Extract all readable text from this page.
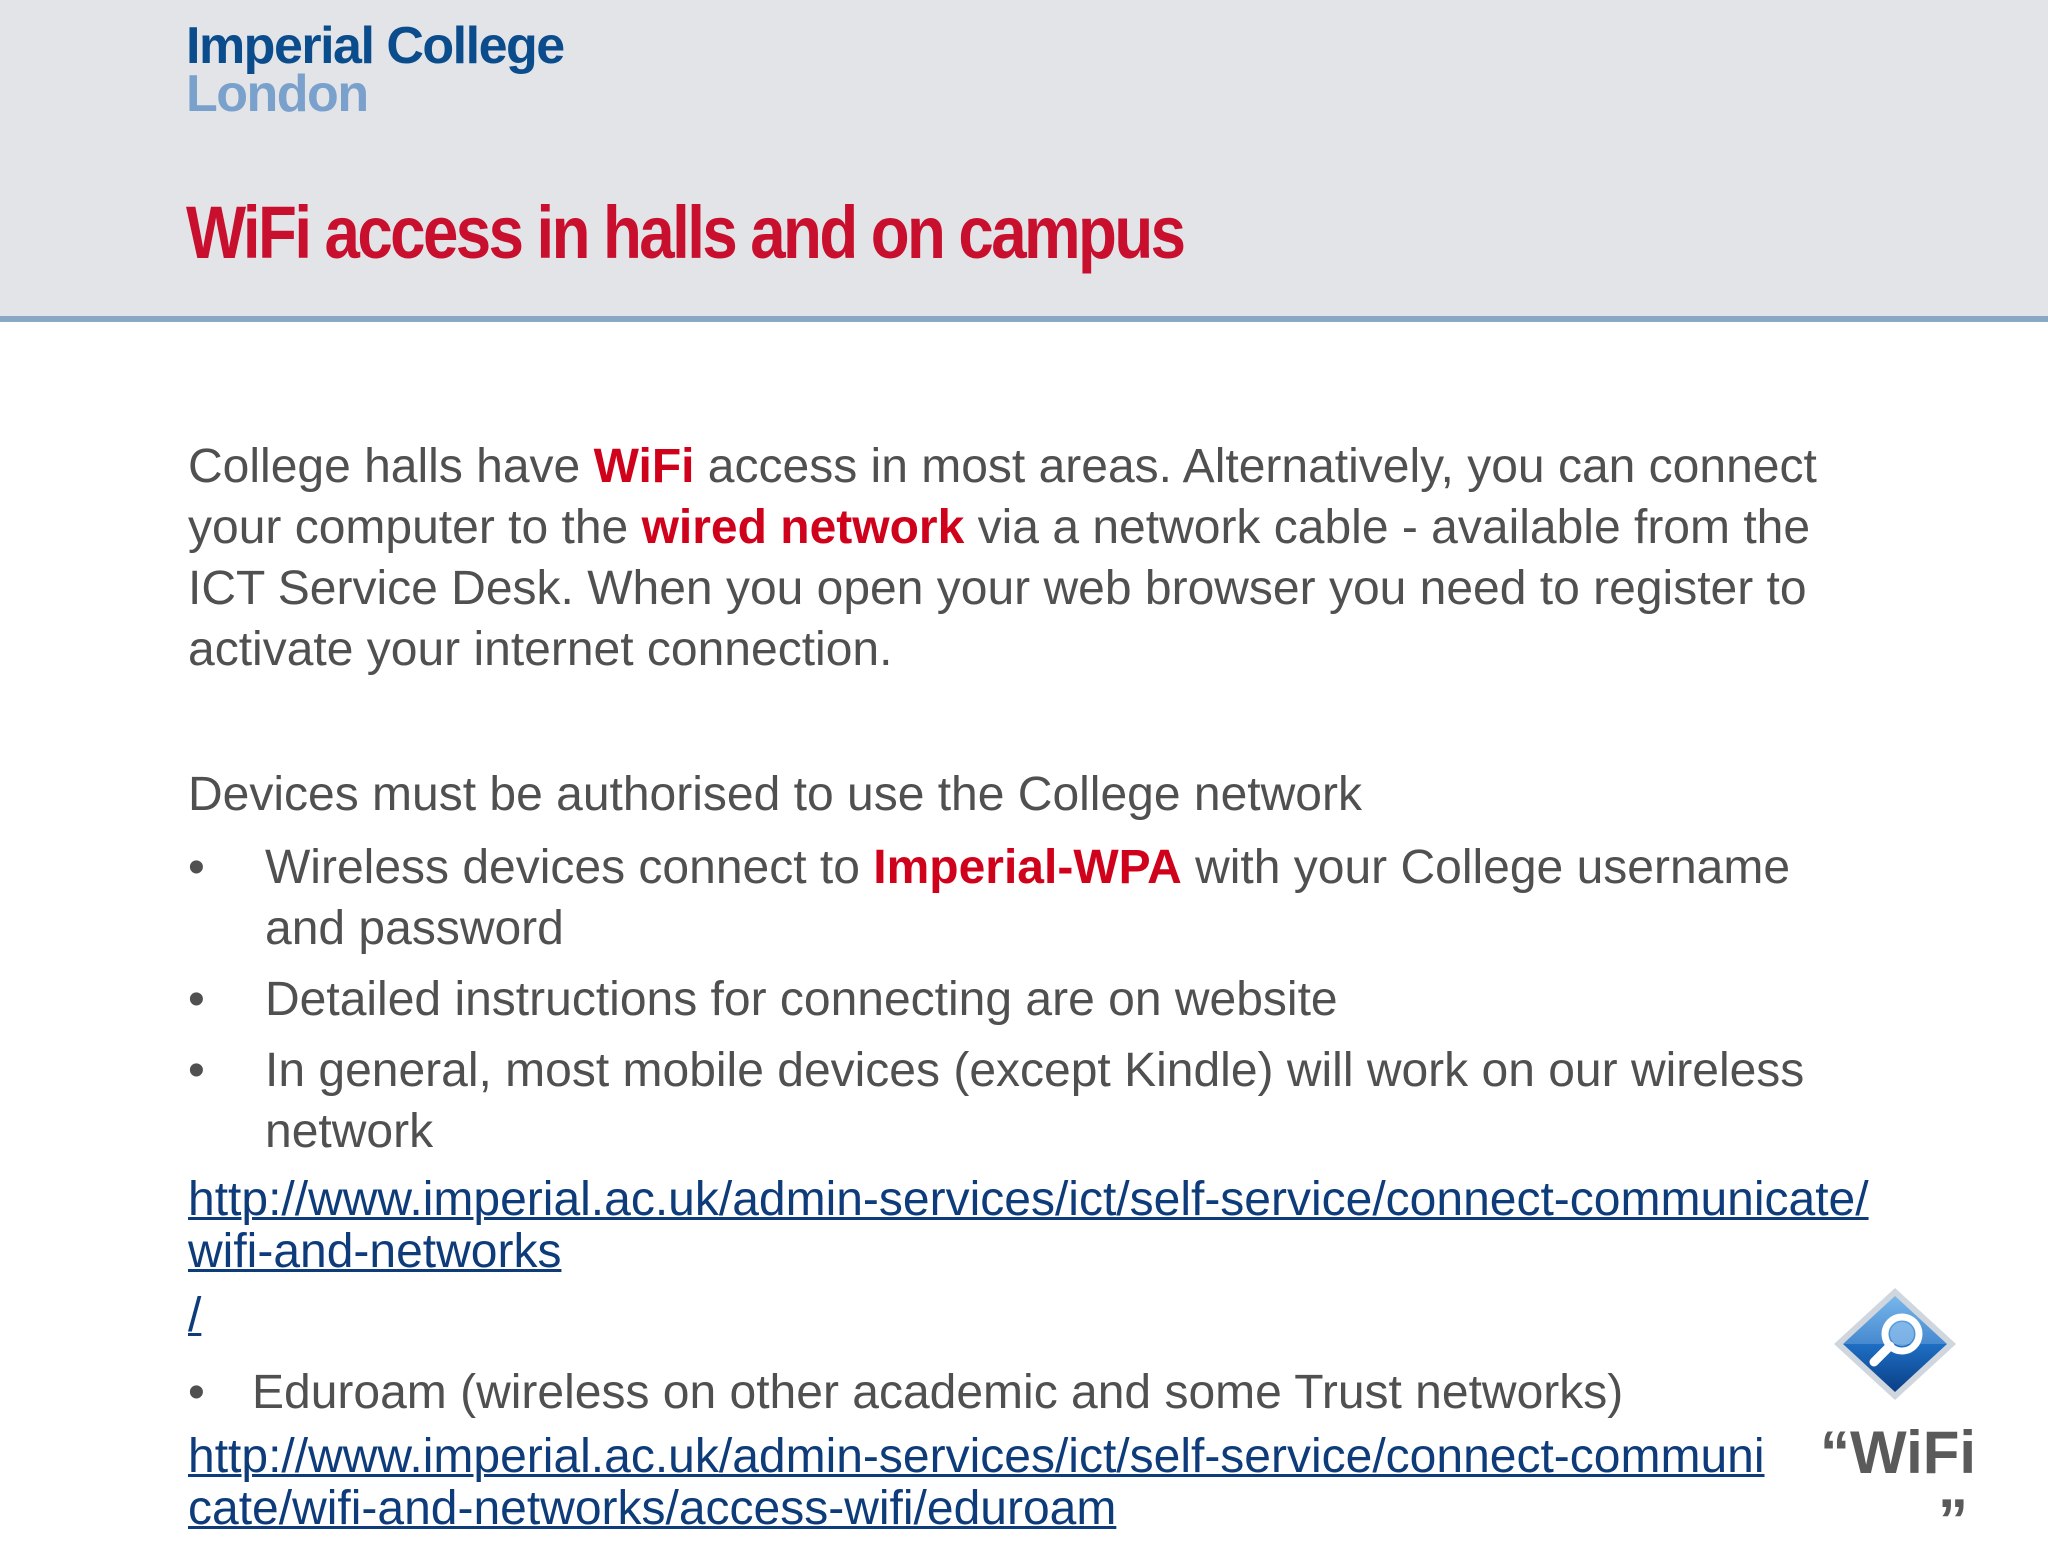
Imperial College
London
WiFi access in halls and on campus

College halls have WiFi access in most areas. Alternatively, you can connect your computer to the wired network via a network cable - available from the ICT Service Desk. When you open your web browser you need to register to activate your internet connection.

Devices must be authorised to use the College network

• Wireless devices connect to Imperial-WPA with your College username and password
• Detailed instructions for connecting are on website
• In general, most mobile devices (except Kindle) will work on our wireless network
http://www.imperial.ac.uk/admin-services/ict/self-service/connect-communicate/wifi-and-networks
/
• Eduroam (wireless on other academic and some Trust networks)
http://www.imperial.ac.uk/admin-services/ict/self-service/connect-communi
cate/wifi-and-networks/access-wifi/eduroam
“WiFi
”
